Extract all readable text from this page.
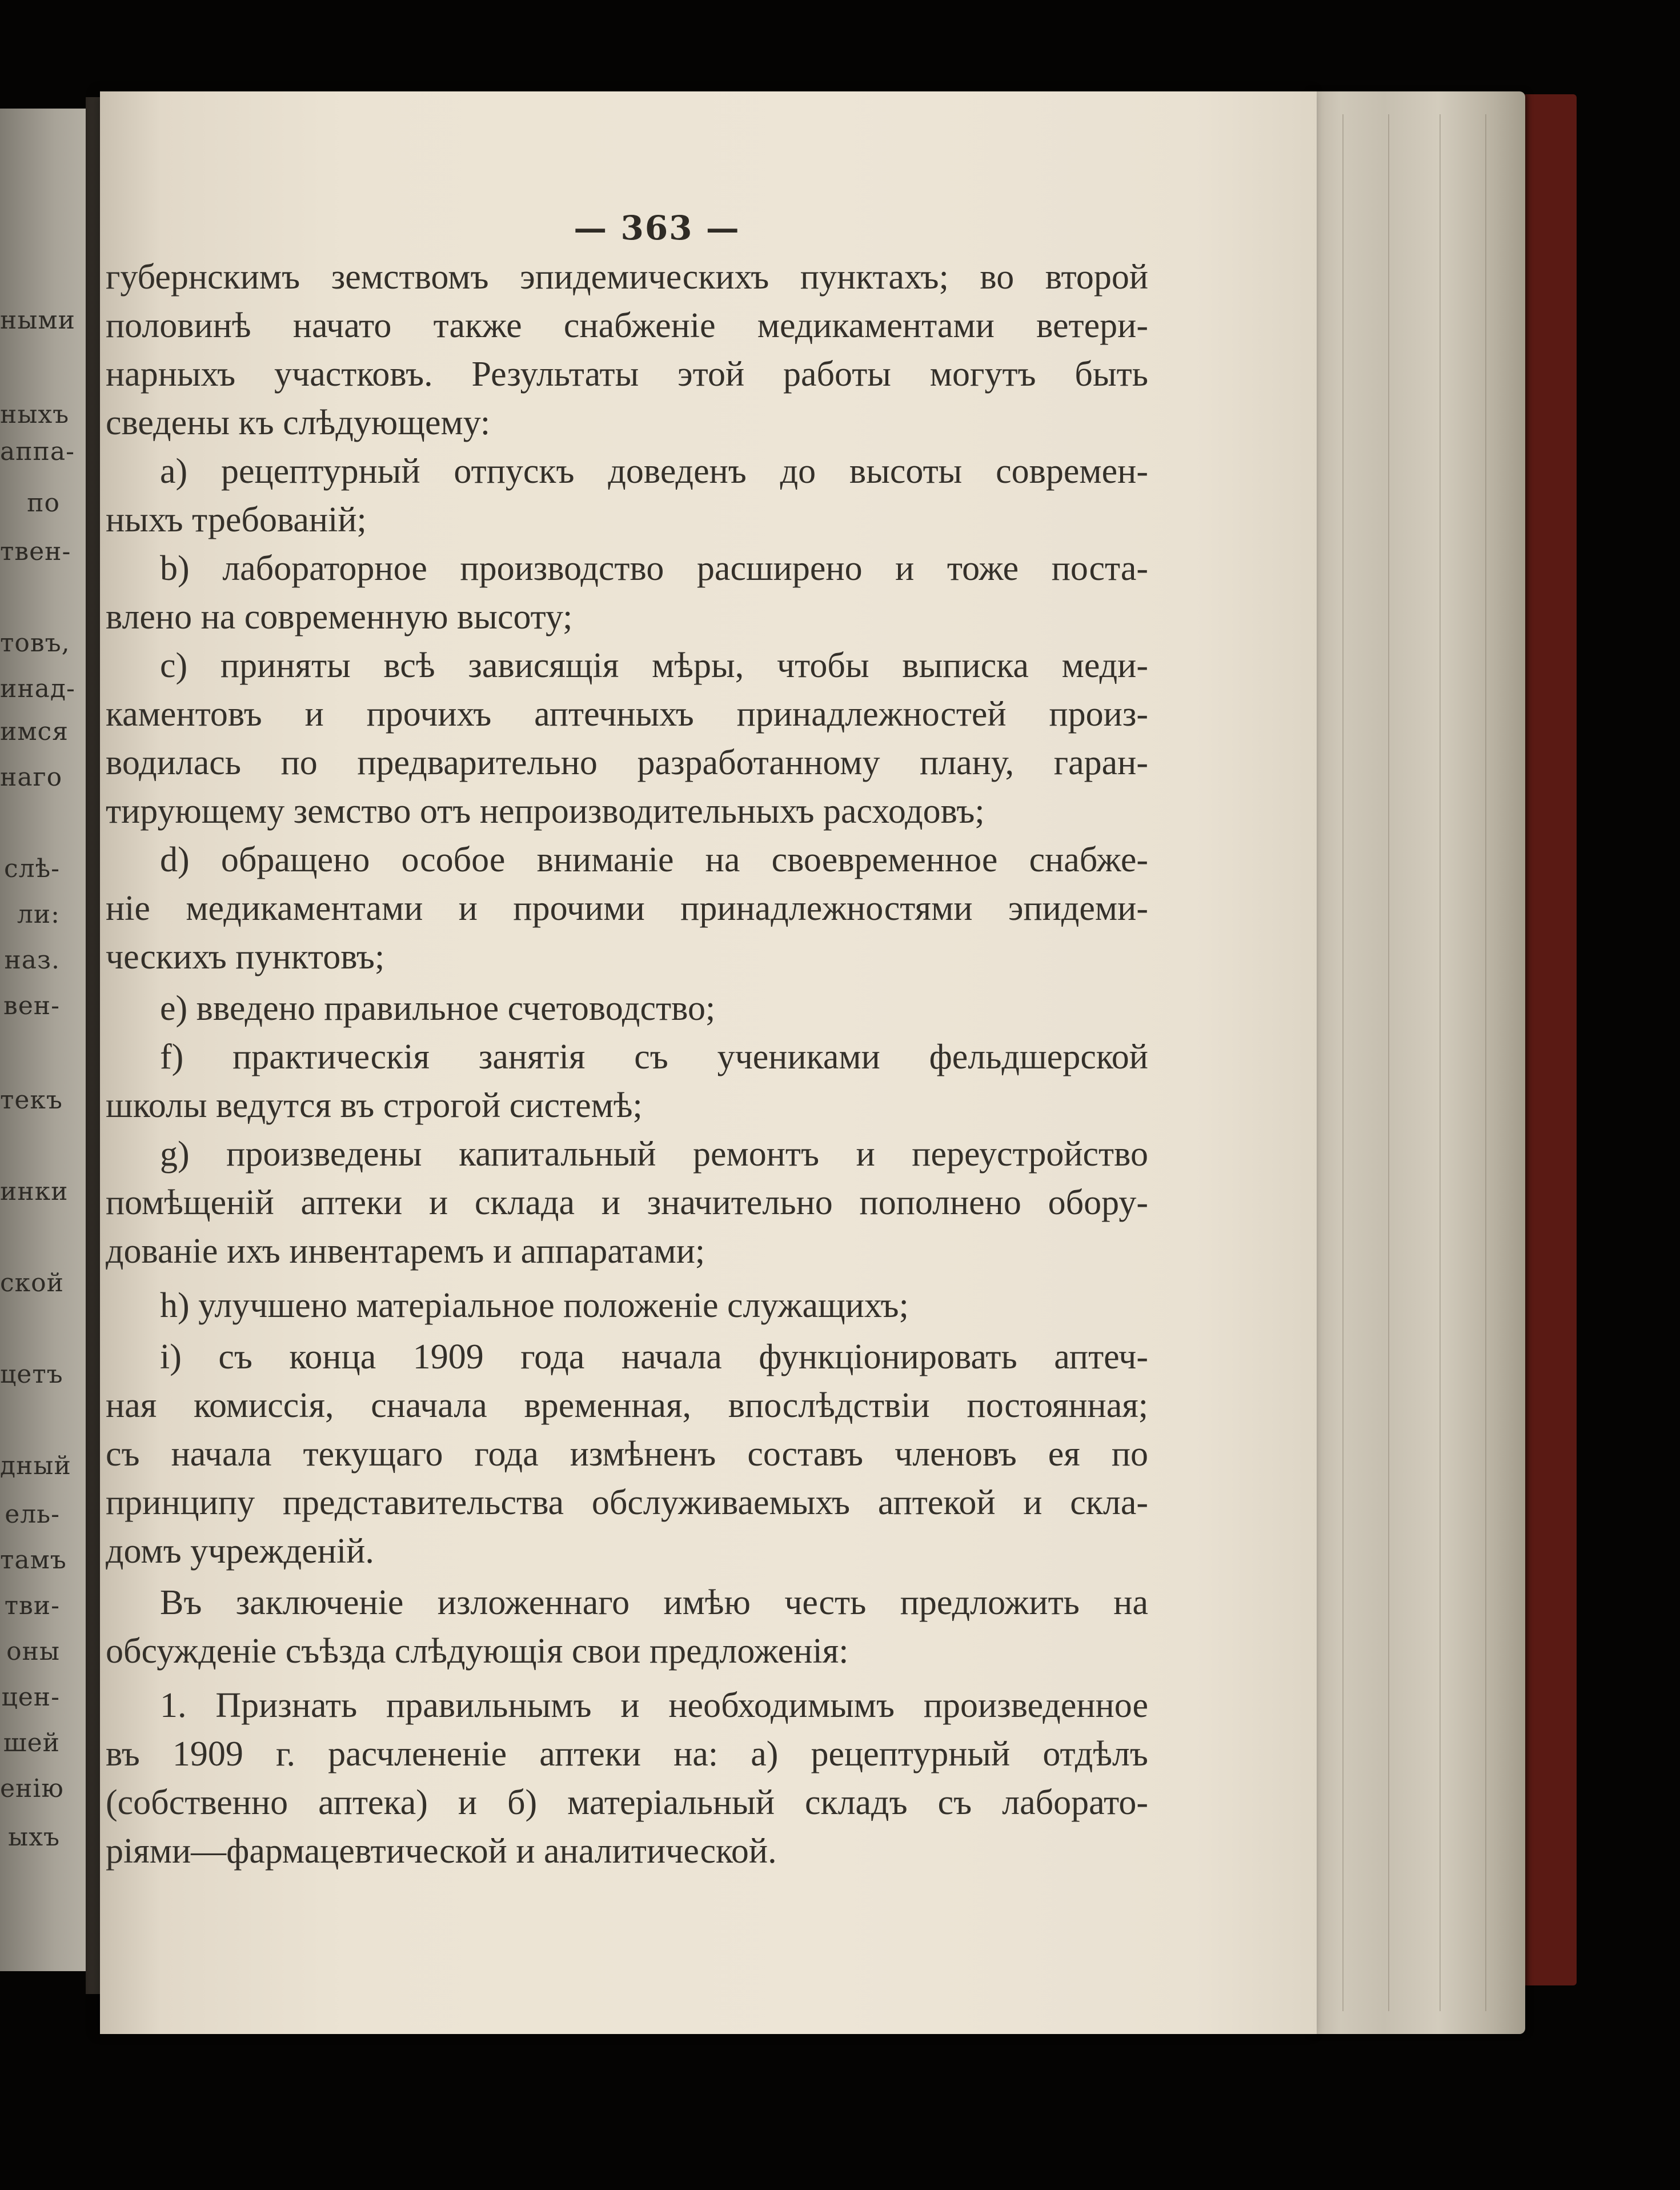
ными
ныхъ
аппа-
по
твен-
товъ,
инад-
имся
наго
слѣ-
ли:
наз.
вен-
текъ
инки
ской
цетъ
дный
ель-
тамъ
тви-
оны
цен-
шей
енію
ыхъ
— 363 —
губернскимъ земствомъ эпидемическихъ пунктахъ; во второй
половинѣ начато также снабженіе медикаментами ветери-
нарныхъ участковъ. Результаты этой работы могутъ быть
сведены къ слѣдующему:
a) рецептурный отпускъ доведенъ до высоты современ-
ныхъ требованій;
b) лабораторное производство расширено и тоже поста-
влено на современную высоту;
c) приняты всѣ зависящія мѣры, чтобы выписка меди-
каментовъ и прочихъ аптечныхъ принадлежностей произ-
водилась по предварительно разработанному плану, гаран-
тирующему земство отъ непроизводительныхъ расходовъ;
d) обращено особое вниманіе на своевременное снабже-
ніе медикаментами и прочими принадлежностями эпидеми-
ческихъ пунктовъ;
e) введено правильное счетоводство;
f) практическія занятія съ учениками фельдшерской
школы ведутся въ строгой системѣ;
g) произведены капитальный ремонтъ и переустройство
помѣщеній аптеки и склада и значительно пополнено обору-
дованіе ихъ инвентаремъ и аппаратами;
h) улучшено матеріальное положеніе служащихъ;
i) съ конца 1909 года начала функціонировать аптеч-
ная комиссія, сначала временная, впослѣдствіи постоянная;
съ начала текущаго года измѣненъ составъ членовъ ея по
принципу представительства обслуживаемыхъ аптекой и скла-
домъ учрежденій.
Въ заключеніе изложеннаго имѣю честь предложить на
обсужденіе съѣзда слѣдующія свои предложенія:
1. Признать правильнымъ и необходимымъ произведенное
въ 1909 г. расчлененіе аптеки на: а) рецептурный отдѣлъ
(собственно аптека) и б) матеріальный складъ съ лаборато-
ріями—фармацевтической и аналитической.
